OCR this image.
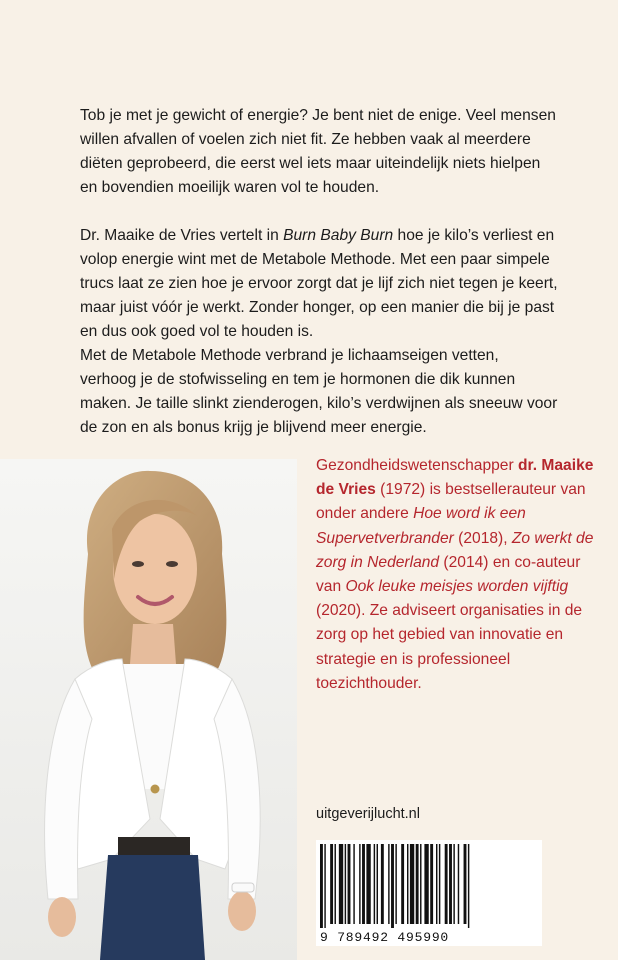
Tob je met je gewicht of energie? Je bent niet de enige. Veel mensen willen afvallen of voelen zich niet fit. Ze hebben vaak al meerdere diëten geprobeerd, die eerst wel iets maar uiteindelijk niets hielpen en bovendien moeilijk waren vol te houden.

Dr. Maaike de Vries vertelt in Burn Baby Burn hoe je kilo’s verliest en volop energie wint met de Metabole Methode. Met een paar simpele trucs laat ze zien hoe je ervoor zorgt dat je lijf zich niet tegen je keert, maar juist vóór je werkt. Zonder honger, op een manier die bij je past en dus ook goed vol te houden is.
Met de Metabole Methode verbrand je lichaamseigen vetten, verhoog je de stofwisseling en tem je hormonen die dik kunnen maken. Je taille slinkt zienderogen, kilo’s verdwijnen als sneeuw voor de zon en als bonus krijg je blijvend meer energie.

Gezondheidswetenschapper dr. Maaike de Vries (1972) is bestsellerauteur van onder andere Hoe word ik een Supervetverbrander (2018), Zo werkt de zorg in Nederland (2014) en co-auteur van Ook leuke meisjes worden vijftig (2020). Ze adviseert organisaties in de zorg op het gebied van innovatie en strategie en is professioneel toezichthouder.

uitgeverijlucht.nl
9 789492 495990
